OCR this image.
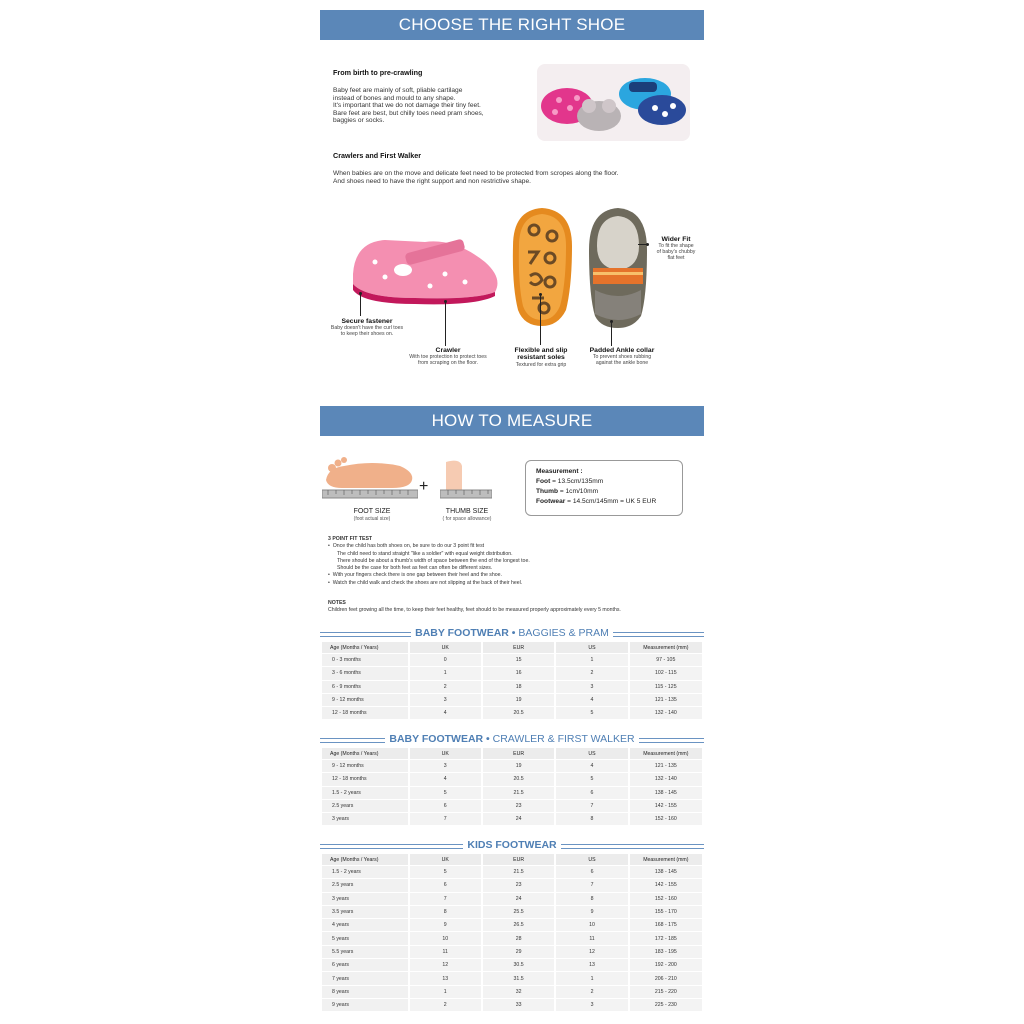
CHOOSE THE RIGHT SHOE
From birth to pre-crawling
Baby feet are mainly of soft, pliable cartilage
instead of bones and mould to any shape.
It's important that we do not damage their tiny feet.
Bare feet are best, but chilly toes need pram shoes,
baggies or socks.
Crawlers and First Walker
When babies are on the move and delicate feet need to be protected from scropes along the floor.
And shoes need to have the right support and non restrictive shape.
Secure fastener
Baby doesn't have the curl toes
to keep their shoes on.
Crawler
With toe protection to protect toes
from scraping on the floor.
Flexible and slip
resistant soles
Textured for extra grip
Wider Fit
To fit the shape
of baby's chubby
flat feet
Padded Ankle collar
To prevent shoes rubbing
against the ankle bone
HOW TO MEASURE
+
FOOT SIZE
(foot actual size)
THUMB SIZE
( for space allowance)
Measurement :
Foot = 13.5cm/135mm
Thumb = 1cm/10mm
Footwear = 14.5cm/145mm = UK 5 EUR
3 POINT FIT TEST
•  Once the child has both shoes on, be sure to do our 3 point fit test
The child need to stand straight "like a soldier" with equal weight distribution.
There should be about a thumb's width of space between the end of the longest toe.
Should be the case for both feet as feet can often be different sizes.
•  With your fingers check there is one gap between their heel and the shoe.
•  Watch the child walk and check the shoes are not slipping at the back of their heel.
NOTES
Children feet growing all the time, to keep their feet healthy, feet should to be measured properly approximately every 5 months.
BABY FOOTWEAR • BAGGIES & PRAM
Age (Months / Years)	UK	EUR	US	Measurement (mm)
0 - 3 months	0	15	1	97 - 105
3 - 6 months	1	16	2	102 - 115
6 - 9 months	2	18	3	115 - 125
9 - 12 months	3	19	4	121 - 135
12 - 18 months	4	20.5	5	132 - 140
BABY FOOTWEAR • CRAWLER & FIRST WALKER
Age (Months / Years)	UK	EUR	US	Measurement (mm)
9 - 12 months	3	19	4	121 - 135
12 - 18 months	4	20.5	5	132 - 140
1.5 - 2 years	5	21.5	6	138 - 145
2.5 years	6	23	7	142 - 155
3 years	7	24	8	152 - 160
KIDS FOOTWEAR
Age (Months / Years)	UK	EUR	US	Measurement (mm)
1.5 - 2 years	5	21.5	6	138 - 145
2.5 years	6	23	7	142 - 155
3 years	7	24	8	152 - 160
3.5 years	8	25.5	9	155 - 170
4 years	9	26.5	10	168 - 175
5 years	10	28	11	172 - 185
5.5 years	11	29	12	183 - 195
6 years	12	30.5	13	192 - 200
7 years	13	31.5	1	206 - 210
8 years	1	32	2	215 - 220
9 years	2	33	3	225 - 230
